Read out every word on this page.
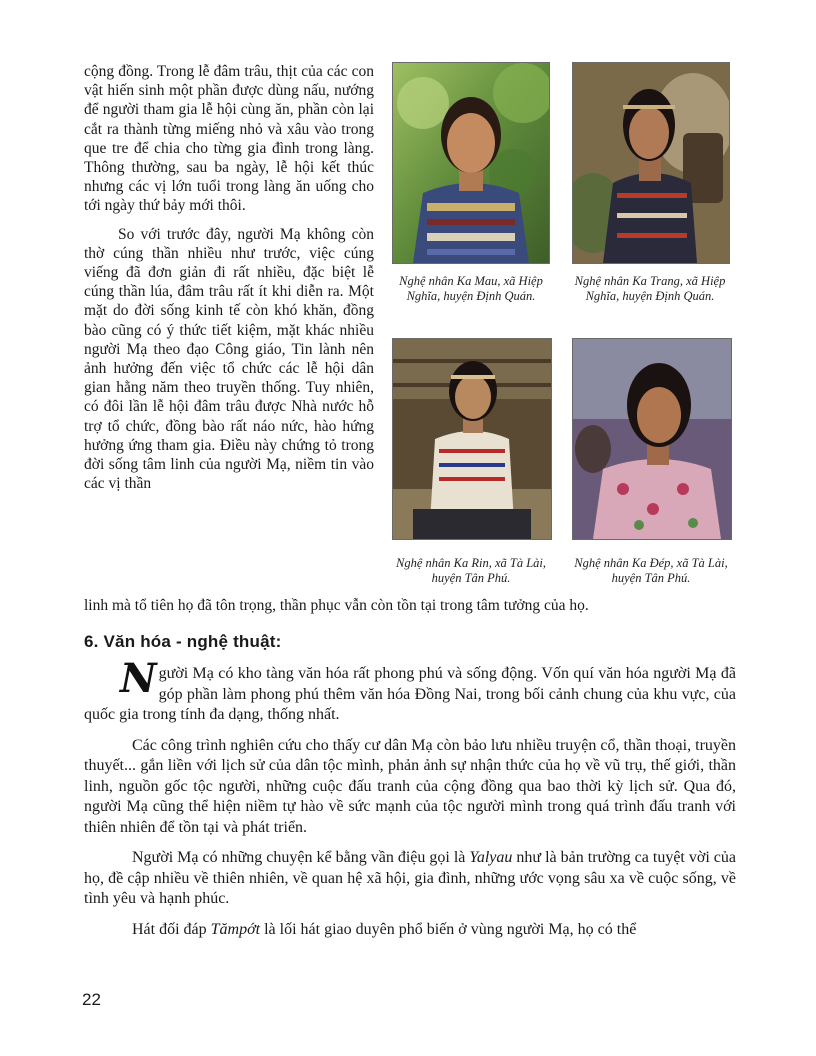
cộng đồng. Trong lễ đâm trâu, thịt của các con vật hiến sinh một phần được dùng nấu, nướng để người tham gia lễ hội cùng ăn, phần còn lại cắt ra thành từng miếng nhỏ và xâu vào trong que tre để chia cho từng gia đình trong làng. Thông thường, sau ba ngày, lễ hội kết thúc nhưng các vị lớn tuổi trong làng ăn uống cho tới ngày thứ bảy mới thôi.

So với trước đây, người Mạ không còn thờ cúng thần nhiều như trước, việc cúng viếng đã đơn giản đi rất nhiều, đặc biệt lễ cúng thần lúa, đâm trâu rất ít khi diễn ra. Một mặt do đời sống kinh tế còn khó khăn, đồng bào cũng có ý thức tiết kiệm, mặt khác nhiều người Mạ theo đạo Công giáo, Tin lành nên ảnh hưởng đến việc tổ chức các lễ hội dân gian hằng năm theo truyền thống. Tuy nhiên, có đôi lần lễ hội đâm trâu được Nhà nước hỗ trợ tổ chức, đồng bào rất náo nức, hào hứng hưởng ứng tham gia. Điều này chứng tỏ trong đời sống tâm linh của người Mạ, niềm tin vào các vị thần

linh mà tổ tiên họ đã tôn trọng, thần phục vẫn còn tồn tại trong tâm tưởng của họ.
Nghệ nhân Ka Mau, xã Hiệp Nghĩa, huyện Định Quán.
Nghệ nhân Ka Trang, xã Hiệp Nghĩa, huyện Định Quán.
Nghệ nhân Ka Rin, xã Tà Lài, huyện Tân Phú.
Nghệ nhân Ka Đép, xã Tà Lài, huyện Tân Phú.
6. Văn hóa - nghệ thuật:

Người Mạ có kho tàng văn hóa rất phong phú và sống động. Vốn quí văn hóa người Mạ đã góp phần làm phong phú thêm văn hóa Đồng Nai, trong bối cảnh chung của khu vực, của quốc gia trong tính đa dạng, thống nhất.

Các công trình nghiên cứu cho thấy cư dân Mạ còn bảo lưu nhiều truyện cổ, thần thoại, truyền thuyết... gắn liền với lịch sử của dân tộc mình, phản ảnh sự nhận thức của họ về vũ trụ, thế giới, thần linh, nguồn gốc tộc người, những cuộc đấu tranh của cộng đồng qua bao thời kỳ lịch sử. Qua đó, người Mạ cũng thể hiện niềm tự hào về sức mạnh của tộc người mình trong quá trình đấu tranh với thiên nhiên để tồn tại và phát triển.

Người Mạ có những chuyện kể bằng vần điệu gọi là Yalyau như là bản trường ca tuyệt vời của họ, đề cập nhiều về thiên nhiên, về quan hệ xã hội, gia đình, những ước vọng sâu xa về cuộc sống, về tình yêu và hạnh phúc.

Hát đối đáp Tămpớt là lối hát giao duyên phổ biến ở vùng người Mạ, họ có thể

22
